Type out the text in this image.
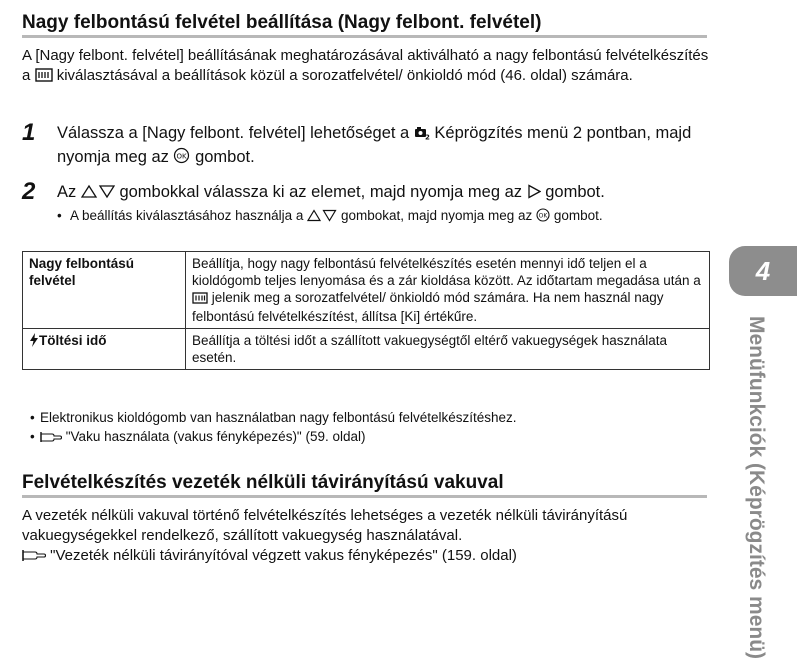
Nagy felbontású felvétel beállítása (Nagy felbont. felvétel)

A [Nagy felbont. felvétel] beállításának meghatározásával aktiválható a nagy felbontású felvételkészítés a kiválasztásával a beállítások közül a sorozatfelvétel/ önkioldó mód (46. oldal) számára.

1 Válassza a [Nagy felbont. felvétel] lehetőséget a 2 Képrögzítés menü 2 pontban, majd nyomja meg az OK gombot.

2 Az	gombokkal válassza ki az elemet, majd nyomja meg az gombot.

• A beállítás kiválasztásához használja a	gombokat, majd nyomja meg az OK gombot.

Nagy felbontású felvétel	Beállítja, hogy nagy felbontású felvételkészítés esetén mennyi idő teljen el a kioldógomb teljes lenyomása és a zár kioldása között. Az időtartam megadása után a  jelenik meg a sorozatfelvétel/ önkioldó mód számára. Ha nem használ nagy felbontású felvételkészítést, állítsa [Ki] értékűre.
Töltési idő	Beállítja a töltési időt a szállított vakuegységtől eltérő vakuegységek használata esetén.
• Elektronikus kioldógomb van használatban nagy felbontású felvételkészítéshez.
• "Vaku használata (vakus fényképezés)" (59. oldal)
Felvételkészítés vezeték nélküli távirányítású vakuval

A vezeték nélküli vakuval történő felvételkészítés lehetséges a vezeték nélküli távirányítású vakuegységekkel rendelkező, szállított vakuegység használatával.
"Vezeték nélküli távirányítóval végzett vakus fényképezés" (159. oldal)

4
Menüfunkciók (Képrögzítés menü)
